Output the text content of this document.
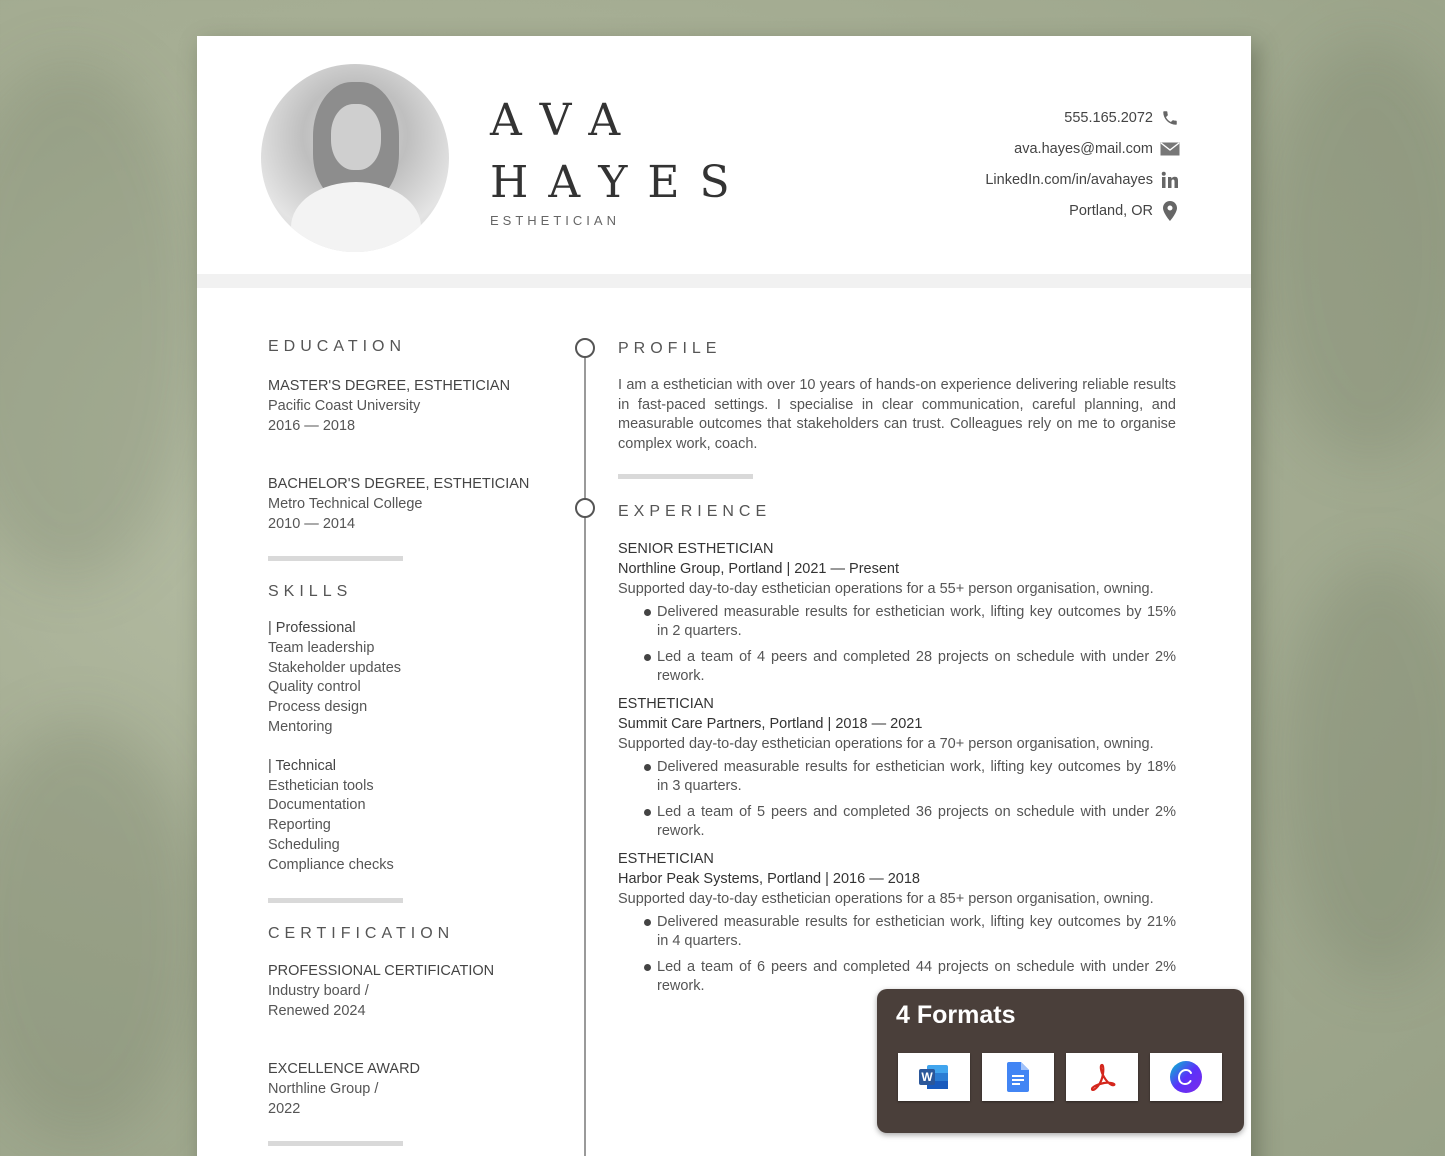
AVA
HAYES
ESTHETICIAN
555.165.2072
ava.hayes@mail.com
LinkedIn.com/in/avahayes
Portland, OR
EDUCATION
MASTER'S DEGREE, ESTHETICIAN
Pacific Coast University
2016 — 2018
BACHELOR'S DEGREE, ESTHETICIAN
Metro Technical College
2010 — 2014
SKILLS
| Professional
Team leadership
Stakeholder updates
Quality control
Process design
Mentoring
| Technical
Esthetician tools
Documentation
Reporting
Scheduling
Compliance checks
CERTIFICATION
PROFESSIONAL CERTIFICATION
Industry board /
Renewed 2024
EXCELLENCE AWARD
Northline Group /
2022
PROFILE
I am a esthetician with over 10 years of hands-on experience delivering reliable results in fast-paced settings. I specialise in clear communication, careful planning, and measurable outcomes that stakeholders can trust. Colleagues rely on me to organise complex work, coach.
EXPERIENCE
SENIOR ESTHETICIAN
Northline Group, Portland | 2021 — Present
Supported day-to-day esthetician operations for a 55+ person organisation, owning.
Delivered measurable results for esthetician work, lifting key outcomes by 15% in 2 quarters.
Led a team of 4 peers and completed 28 projects on schedule with under 2% rework.
ESTHETICIAN
Summit Care Partners, Portland | 2018 — 2021
Supported day-to-day esthetician operations for a 70+ person organisation, owning.
Delivered measurable results for esthetician work, lifting key outcomes by 18% in 3 quarters.
Led a team of 5 peers and completed 36 projects on schedule with under 2% rework.
ESTHETICIAN
Harbor Peak Systems, Portland | 2016 — 2018
Supported day-to-day esthetician operations for a 85+ person organisation, owning.
Delivered measurable results for esthetician work, lifting key outcomes by 21% in 4 quarters.
Led a team of 6 peers and completed 44 projects on schedule with under 2% rework.
4 Formats
W
